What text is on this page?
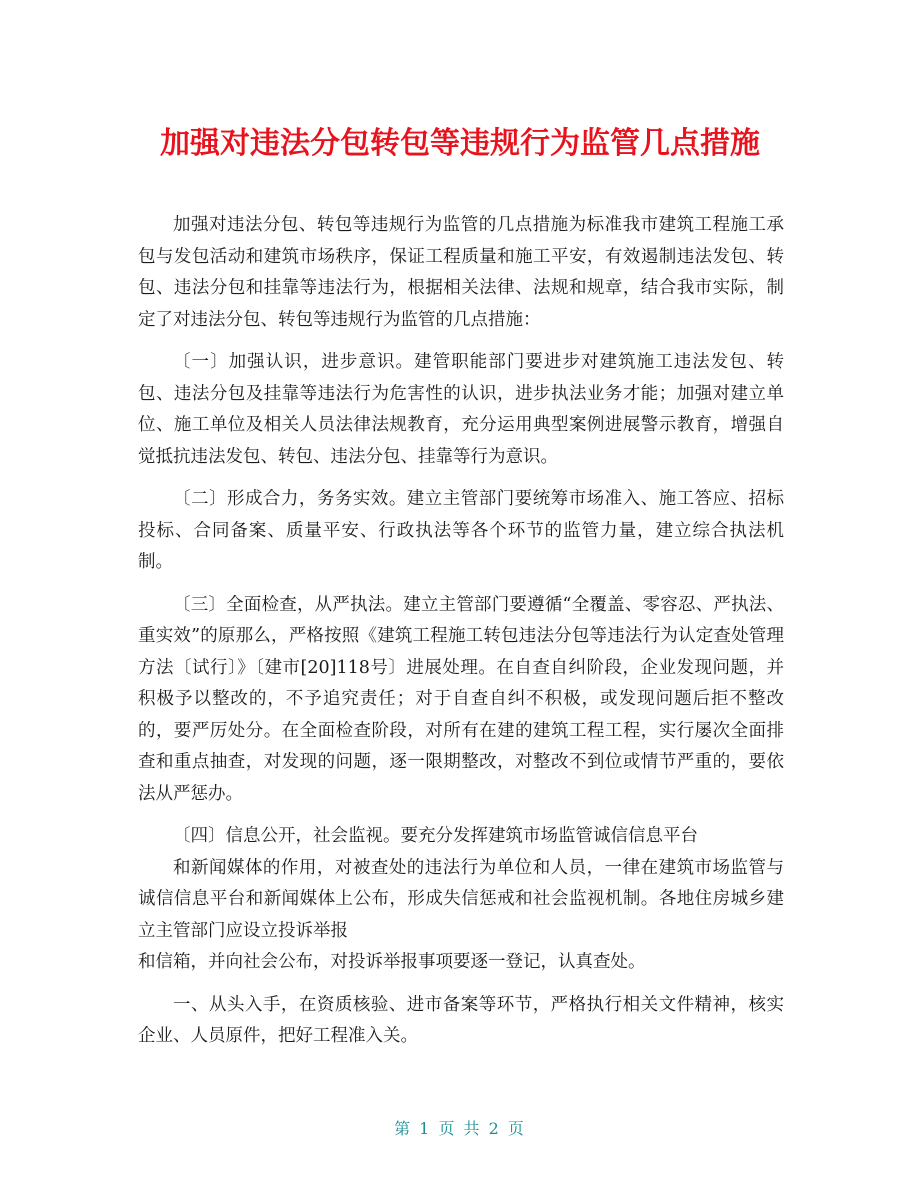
加强对违法分包转包等违规行为监管几点措施

加强对违法分包、转包等违规行为监管的几点措施为标准我市建筑工程施工承包与发包活动和建筑市场秩序，保证工程质量和施工平安，有效遏制违法发包、转包、违法分包和挂靠等违法行为，根据相关法律、法规和规章，结合我市实际，制定了对违法分包、转包等违规行为监管的几点措施：

〔一〕加强认识，进步意识。建管职能部门要进步对建筑施工违法发包、转包、违法分包及挂靠等违法行为危害性的认识，进步执法业务才能；加强对建立单位、施工单位及相关人员法律法规教育，充分运用典型案例进展警示教育，增强自觉抵抗违法发包、转包、违法分包、挂靠等行为意识。

〔二〕形成合力，务务实效。建立主管部门要统筹市场准入、施工答应、招标投标、合同备案、质量平安、行政执法等各个环节的监管力量，建立综合执法机制。

〔三〕全面检查，从严执法。建立主管部门要遵循“全覆盖、零容忍、严执法、重实效”的原那么，严格按照《建筑工程施工转包违法分包等违法行为认定查处管理方法〔试行〕》〔建市[20]118号〕进展处理。在自查自纠阶段，企业发现问题，并积极予以整改的，不予追究责任；对于自查自纠不积极，或发现问题后拒不整改的，要严厉处分。在全面检查阶段，对所有在建的建筑工程工程，实行屡次全面排查和重点抽查，对发现的问题，逐一限期整改，对整改不到位或情节严重的，要依法从严惩办。

〔四〕信息公开，社会监视。要充分发挥建筑市场监管诚信信息平台

和新闻媒体的作用，对被查处的违法行为单位和人员，一律在建筑市场监管与诚信信息平台和新闻媒体上公布，形成失信惩戒和社会监视机制。各地住房城乡建立主管部门应设立投诉举报

和信箱，并向社会公布，对投诉举报事项要逐一登记，认真查处。

一、从头入手，在资质核验、进市备案等环节，严格执行相关文件精神，核实企业、人员原件，把好工程准入关。

第 1 页 共 2 页
